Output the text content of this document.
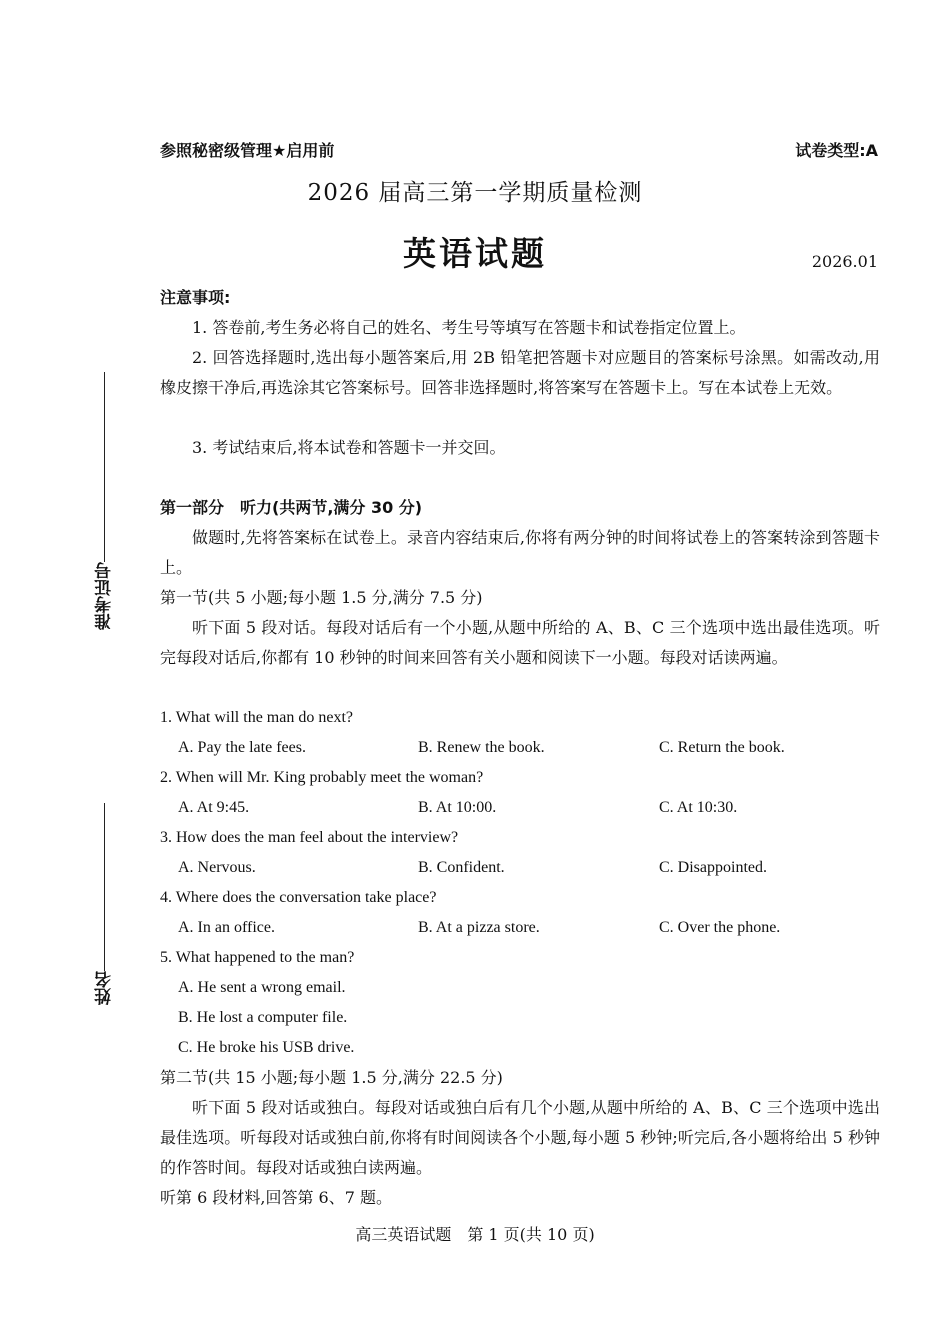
参照秘密级管理★启用前	试卷类型:A
2026 届高三第一学期质量检测
英语试题	2026.01
准考证号
姓名
注意事项:
1. 答卷前,考生务必将自己的姓名、考生号等填写在答题卡和试卷指定位置上。
2. 回答选择题时,选出每小题答案后,用 2B 铅笔把答题卡对应题目的答案标号涂黑。如需改动,用橡皮擦干净后,再选涂其它答案标号。回答非选择题时,将答案写在答题卡上。写在本试卷上无效。
3. 考试结束后,将本试卷和答题卡一并交回。
第一部分　听力(共两节,满分 30 分)
做题时,先将答案标在试卷上。录音内容结束后,你将有两分钟的时间将试卷上的答案转涂到答题卡上。
第一节(共 5 小题;每小题 1.5 分,满分 7.5 分)
听下面 5 段对话。每段对话后有一个小题,从题中所给的 A、B、C 三个选项中选出最佳选项。听完每段对话后,你都有 10 秒钟的时间来回答有关小题和阅读下一小题。每段对话读两遍。
1. What will the man do next?
A. Pay the late fees.	B. Renew the book.	C. Return the book.
2. When will Mr. King probably meet the woman?
A. At 9:45.	B. At 10:00.	C. At 10:30.
3. How does the man feel about the interview?
A. Nervous.	B. Confident.	C. Disappointed.
4. Where does the conversation take place?
A. In an office.	B. At a pizza store.	C. Over the phone.
5. What happened to the man?
A. He sent a wrong email.
B. He lost a computer file.
C. He broke his USB drive.
第二节(共 15 小题;每小题 1.5 分,满分 22.5 分)
听下面 5 段对话或独白。每段对话或独白后有几个小题,从题中所给的 A、B、C 三个选项中选出最佳选项。听每段对话或独白前,你将有时间阅读各个小题,每小题 5 秒钟;听完后,各小题将给出 5 秒钟的作答时间。每段对话或独白读两遍。
听第 6 段材料,回答第 6、7 题。
高三英语试题　第 1 页(共 10 页)
